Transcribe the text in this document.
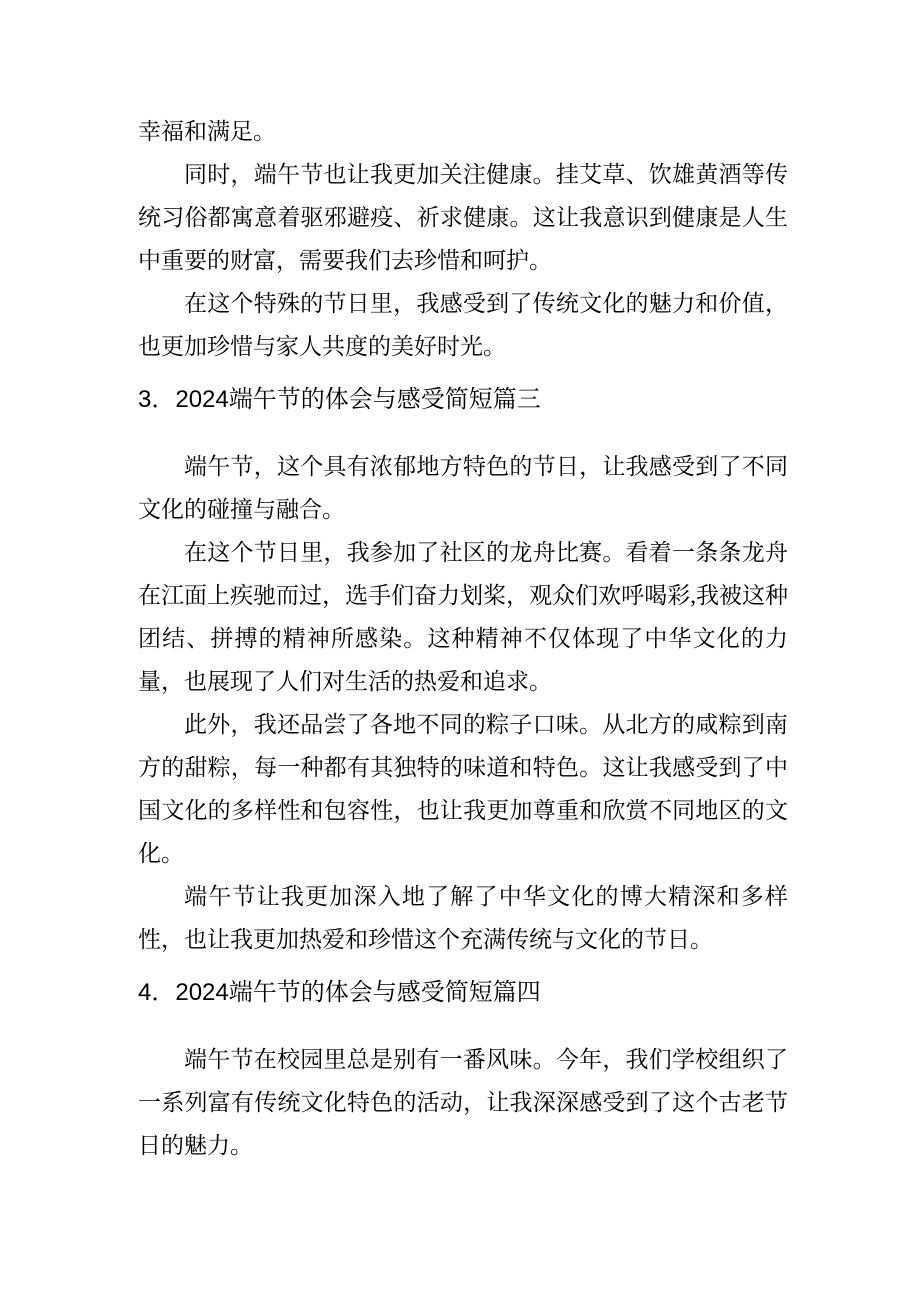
幸福和满足。

同时，端午节也让我更加关注健康。挂艾草、饮雄黄酒等传统习俗都寓意着驱邪避疫、祈求健康。这让我意识到健康是人生中重要的财富，需要我们去珍惜和呵护。

在这个特殊的节日里，我感受到了传统文化的魅力和价值，也更加珍惜与家人共度的美好时光。

3．2024端午节的体会与感受简短篇三

端午节，这个具有浓郁地方特色的节日，让我感受到了不同文化的碰撞与融合。

在这个节日里，我参加了社区的龙舟比赛。看着一条条龙舟在江面上疾驰而过，选手们奋力划桨，观众们欢呼喝彩,我被这种团结、拼搏的精神所感染。这种精神不仅体现了中华文化的力量，也展现了人们对生活的热爱和追求。

此外，我还品尝了各地不同的粽子口味。从北方的咸粽到南方的甜粽，每一种都有其独特的味道和特色。这让我感受到了中国文化的多样性和包容性，也让我更加尊重和欣赏不同地区的文化。

端午节让我更加深入地了解了中华文化的博大精深和多样性，也让我更加热爱和珍惜这个充满传统与文化的节日。

4．2024端午节的体会与感受简短篇四

端午节在校园里总是别有一番风味。今年，我们学校组织了一系列富有传统文化特色的活动，让我深深感受到了这个古老节日的魅力。
